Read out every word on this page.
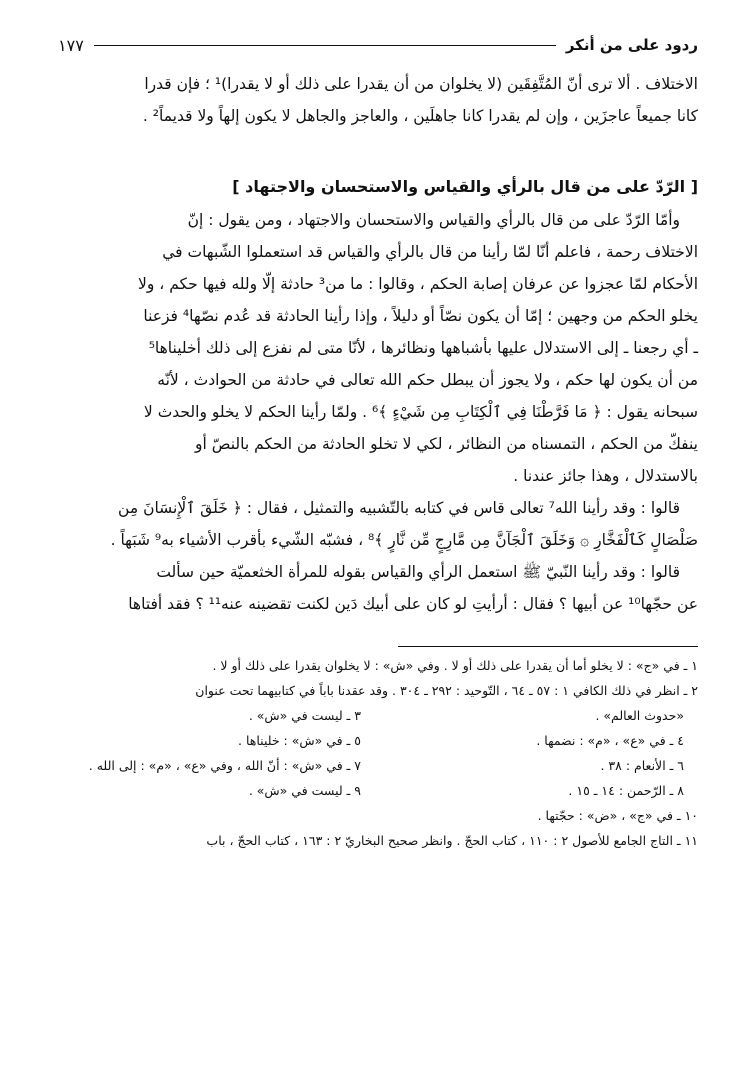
ردود على من أنكر
١٧٧

الاختلاف . ألا ترى أنّ المُتَّفِقَين (لا يخلوان من أن يقدرا على ذلك أو لا يقدرا)¹ ؛ فإن قدرا

كانا جميعاً عاجزَين ، وإن لم يقدرا كانا جاهلَين ، والعاجز والجاهل لا يكون إلهاً ولا قديماً² .

[ الرّدّ على من قال بالرأي والقياس والاستحسان والاجتهاد ]

وأمّا الرّدّ على من قال بالرأي والقياس والاستحسان والاجتهاد ، ومن يقول : إنّ

الاختلاف رحمة ، فاعلم أنّا لمّا رأينا من قال بالرأي والقياس قد استعملوا الشّبهات في

الأحكام لمّا عجزوا عن عرفان إصابة الحكم ، وقالوا : ما من³ حادثة إلّا ولله فيها حكم ، ولا

يخلو الحكم من وجهين ؛ إمّا أن يكون نصّاً أو دليلاً ، وإذا رأينا الحادثة قد عُدم نصّها⁴ فزعنا

ـ أي رجعنا ـ إلى الاستدلال عليها بأشباهها ونظائرها ، لأنّا متى لم نفزع إلى ذلك أخليناها⁵

من أن يكون لها حكم ، ولا يجوز أن يبطل حكم الله تعالى في حادثة من الحوادث ، لأنّه

سبحانه يقول : ﴿ مَا فَرَّطْنَا فِي ٱلْكِتَابِ مِن شَيْءٍ ﴾⁶ . ولمّا رأينا الحكم لا يخلو والحدث لا

ينفكّ من الحكم ، التمسناه من النظائر ، لكي لا تخلو الحادثة من الحكم بالنصّ أو

بالاستدلال ، وهذا جائز عندنا .

قالوا : وقد رأينا الله⁷ تعالى قاس في كتابه بالتّشبيه والتمثيل ، فقال : ﴿ خَلَقَ ٱلْإِنسَانَ مِن

صَلْصَالٍ كَٱلْفَخَّارِ ۞ وَخَلَقَ ٱلْجَآنَّ مِن مَّارِجٍ مِّن نَّارٍ ﴾⁸ ، فشبّه الشّيء بأقرب الأشياء به⁹ شَبَهاً .

قالوا : وقد رأينا النّبيّ ﷺ استعمل الرأي والقياس بقوله للمرأة الخثعميّة حين سألت

عن حجّها¹⁰ عن أبيها ؟ فقال : أرأيتِ لو كان على أبيك دَين لكنت تقضينه عنه¹¹ ؟ فقد أفتاها

١ ـ في «ج» : لا يخلو أما أن يقدرا على ذلك أو لا . وفي «ش» : لا يخلوان يقدرا على ذلك أو لا .

٢ ـ انظر في ذلك الكافي ١ : ٥٧ ـ ٦٤ ، التّوحيد : ٢٩٢ ـ ٣٠٤ . وقد عقدنا باباً في كتابيهما تحت عنوان

«حدوث العالم» .
٣ ـ ليست في «ش» .
٤ ـ في «ع» ، «م» : نضمها .
٥ ـ في «ش» : خليناها .
٦ ـ الأنعام : ٣٨ .
٧ ـ في «ش» : أنّ الله ، وفي «ع» ، «م» : إلى الله .
٨ ـ الرّحمن : ١٤ ـ ١٥ .
٩ ـ ليست في «ش» .

١٠ ـ في «ج» ، «ض» : حجّتها .

١١ ـ التاج الجامع للأصول ٢ : ١١٠ ، كتاب الحجّ . وانظر صحيح البخاريّ ٢ : ١٦٣ ، كتاب الحجّ ، باب
